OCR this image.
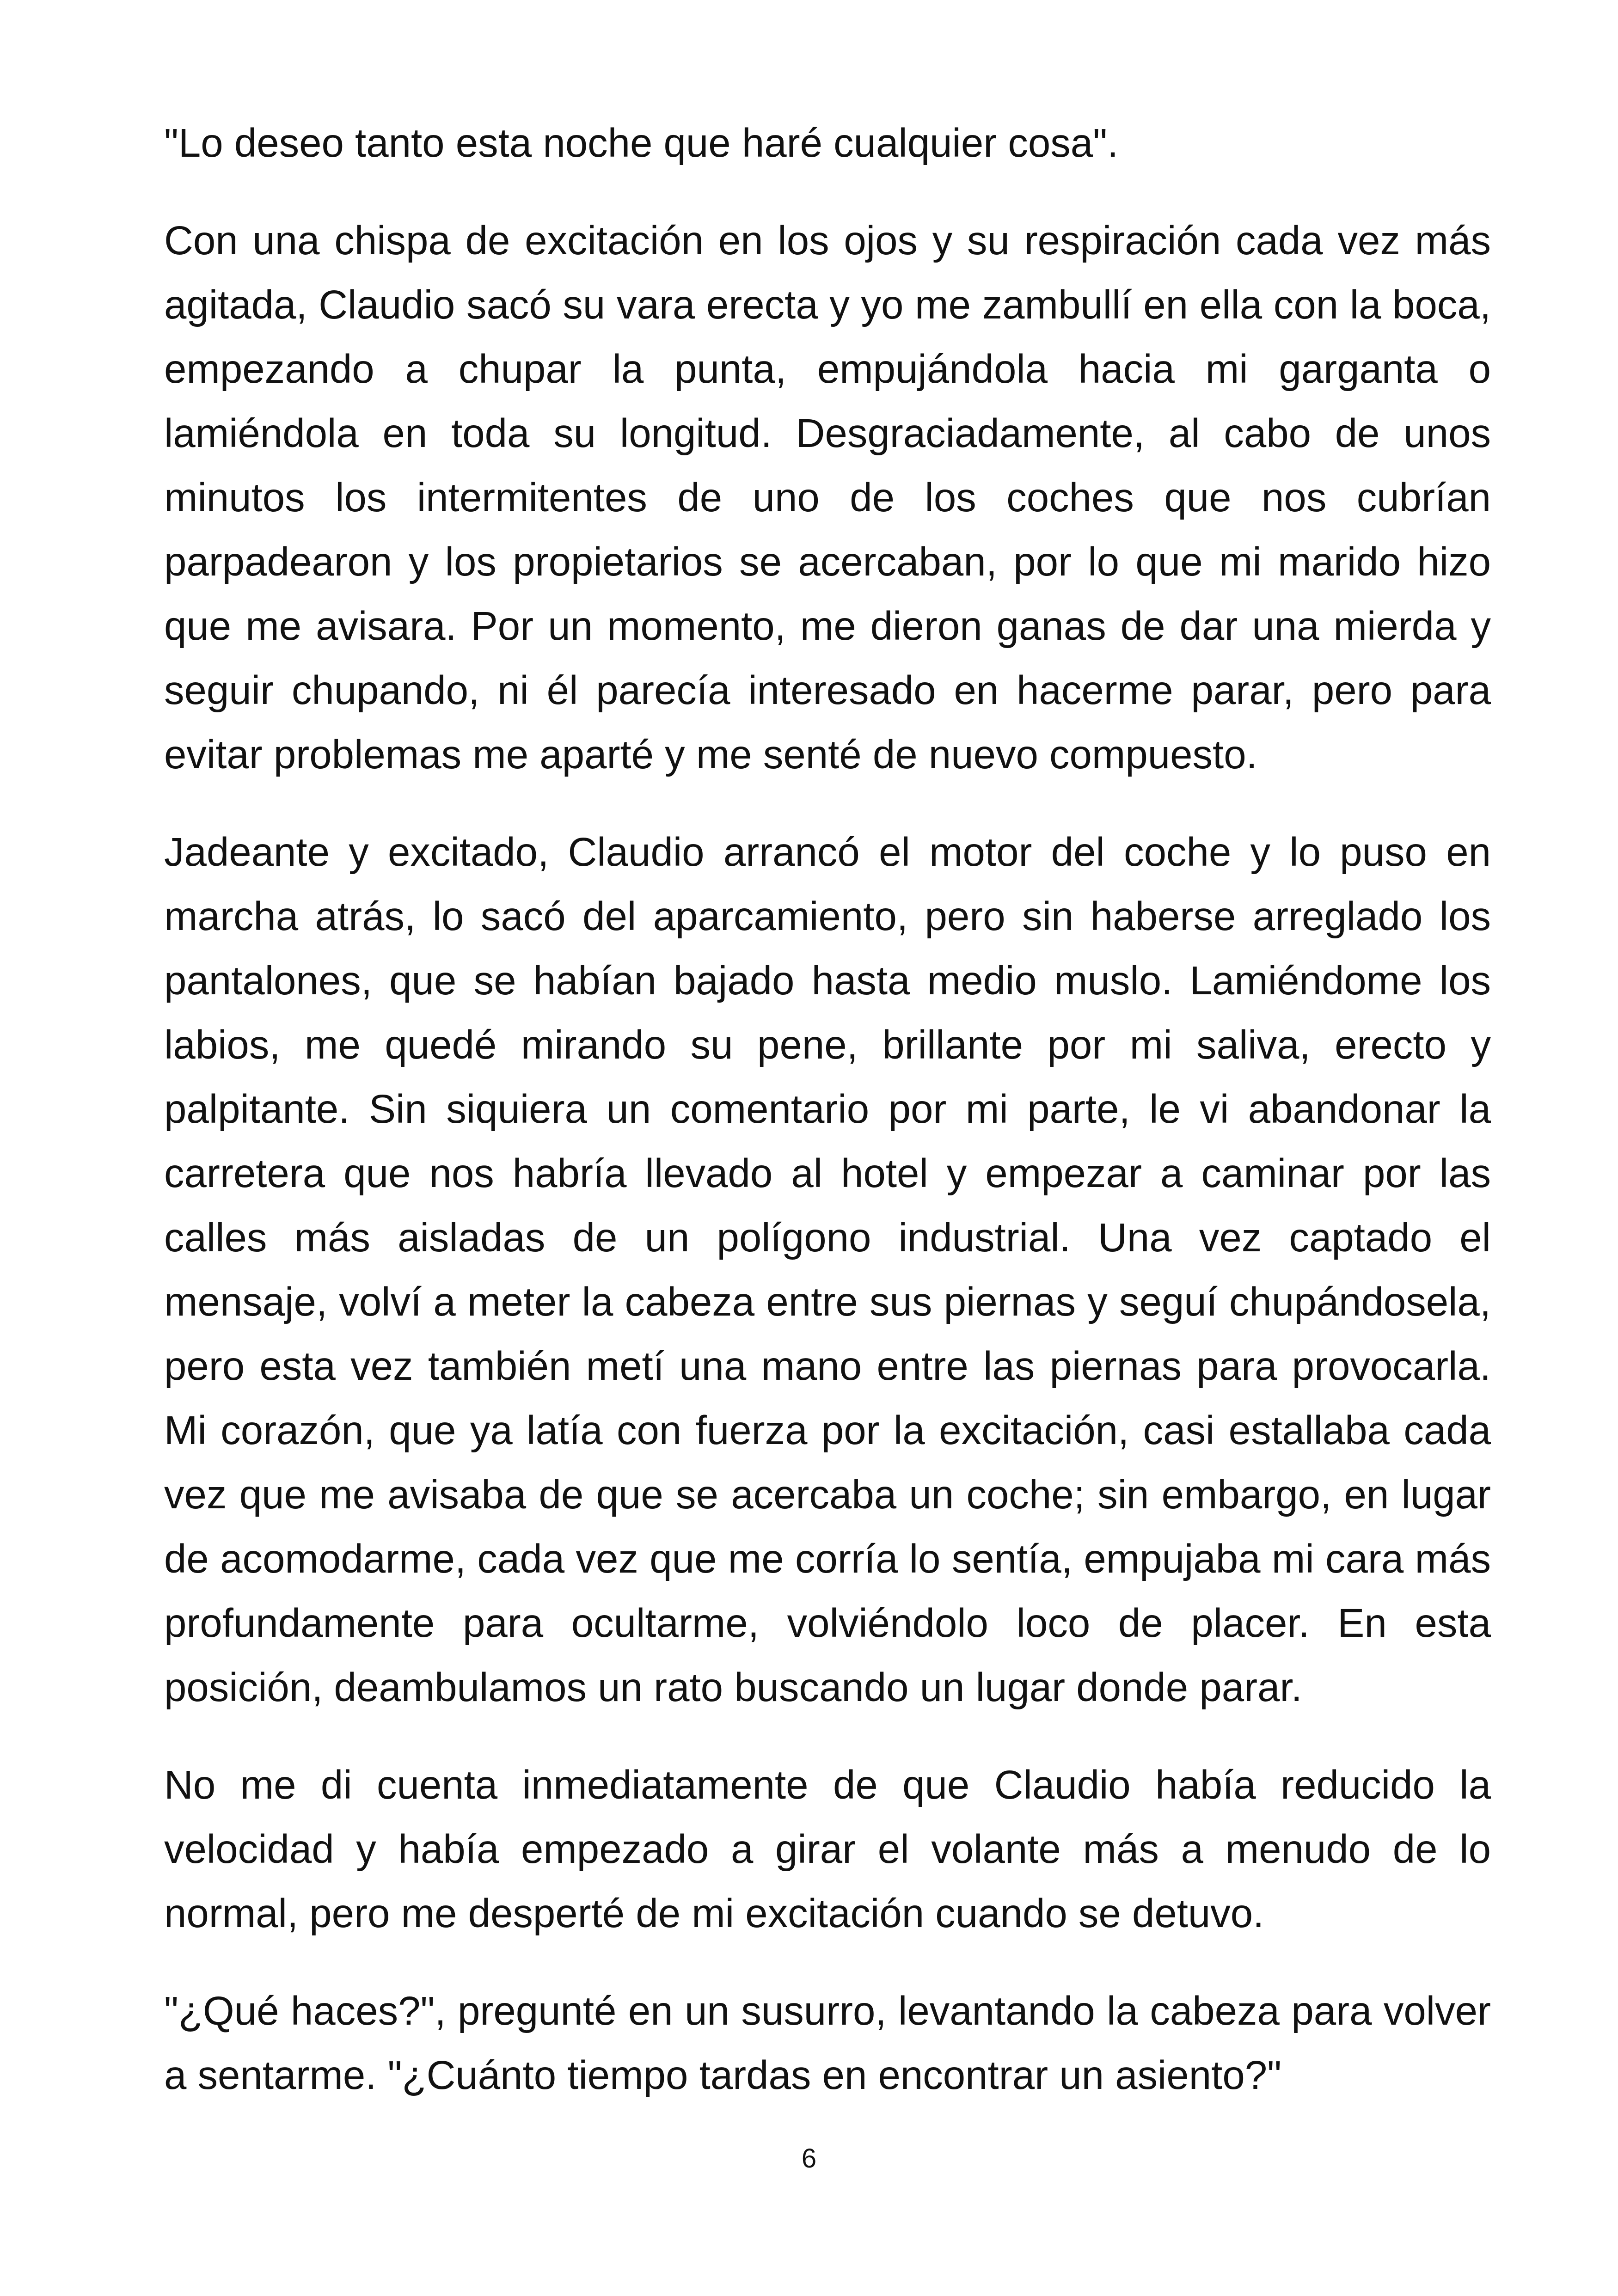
"Lo deseo tanto esta noche que haré cualquier cosa".

Con una chispa de excitación en los ojos y su respiración cada vez más agitada, Claudio sacó su vara erecta y yo me zambullí en ella con la boca, empezando a chupar la punta, empujándola hacia mi garganta o lamiéndola en toda su longitud. Desgraciadamente, al cabo de unos minutos los intermitentes de uno de los coches que nos cubrían parpadearon y los propietarios se acercaban, por lo que mi marido hizo que me avisara. Por un momento, me dieron ganas de dar una mierda y seguir chupando, ni él parecía interesado en hacerme parar, pero para evitar problemas me aparté y me senté de nuevo compuesto.

Jadeante y excitado, Claudio arrancó el motor del coche y lo puso en marcha atrás, lo sacó del aparcamiento, pero sin haberse arreglado los pantalones, que se habían bajado hasta medio muslo. Lamiéndome los labios, me quedé mirando su pene, brillante por mi saliva, erecto y palpitante. Sin siquiera un comentario por mi parte, le vi abandonar la carretera que nos habría llevado al hotel y empezar a caminar por las calles más aisladas de un polígono industrial. Una vez captado el mensaje, volví a meter la cabeza entre sus piernas y seguí chupándosela, pero esta vez también metí una mano entre las piernas para provocarla. Mi corazón, que ya latía con fuerza por la excitación, casi estallaba cada vez que me avisaba de que se acercaba un coche; sin embargo, en lugar de acomodarme, cada vez que me corría lo sentía, empujaba mi cara más profundamente para ocultarme, volviéndolo loco de placer. En esta posición, deambulamos un rato buscando un lugar donde parar.

No me di cuenta inmediatamente de que Claudio había reducido la velocidad y había empezado a girar el volante más a menudo de lo normal, pero me desperté de mi excitación cuando se detuvo.

"¿Qué haces?", pregunté en un susurro, levantando la cabeza para volver a sentarme. "¿Cuánto tiempo tardas en encontrar un asiento?"

6
